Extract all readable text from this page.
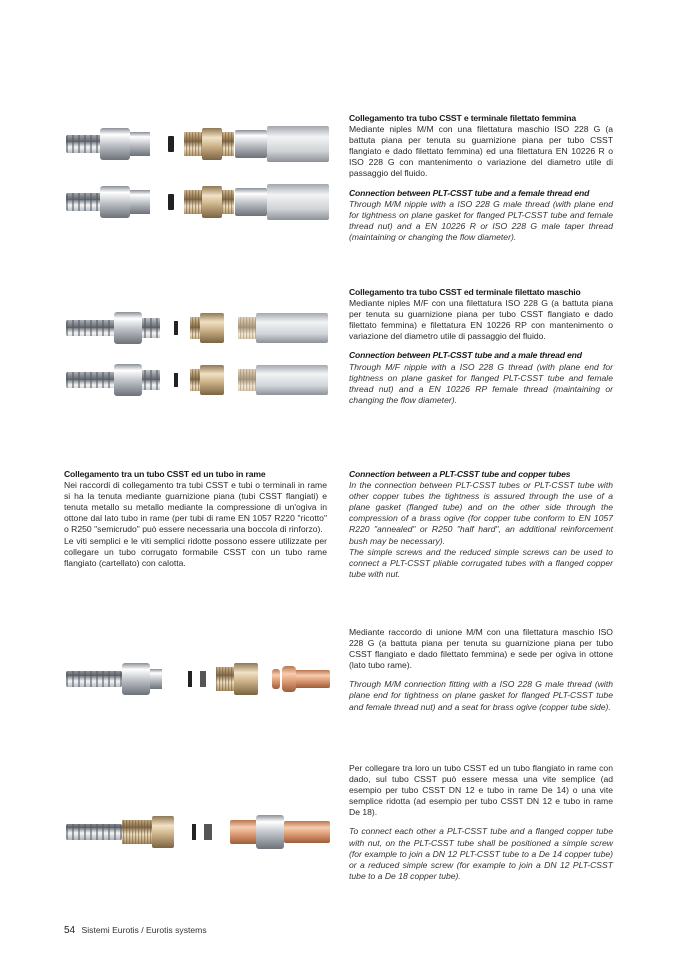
Collegamento tra tubo CSST e terminale filettato femmina

Mediante niples M/M con una filettatura maschio ISO 228 G (a battuta piana per tenuta su guarnizione piana per tubo CSST flangiato e dado filettato femmina) ed una filettatura EN 10226 R o ISO 228 G con mantenimento o variazione del diametro utile di passaggio del fluido.

Connection between PLT-CSST tube and a female thread end

Through M/M nipple with a ISO 228 G male thread (with plane end for tightness on plane gasket for flanged PLT-CSST tube and female thread nut) and a EN 10226 R or ISO 228 G male taper thread (maintaining or changing the flow diameter).

Collegamento tra tubo CSST ed terminale filettato maschio

Mediante niples M/F con una filettatura ISO 228 G (a battuta piana per tenuta su guarnizione piana per tubo CSST flangiato e dado filettato femmina) e filettatura EN 10226 RP con mantenimento o variazione del diametro utile di passaggio del fluido.

Connection between PLT-CSST tube and a male thread end

Through M/F nipple with a ISO 228 G thread (with plane end for tightness on plane gasket for flanged PLT-CSST tube and female thread nut) and a EN 10226 RP female thread (maintaining or changing the flow diameter).

Collegamento tra un tubo CSST ed un tubo in rame

Nei raccordi di collegamento tra tubi CSST e tubi o terminali in rame si ha la tenuta mediante guarnizione piana (tubi CSST flangiati) e tenuta metallo su metallo mediante la compressione di un'ogiva in ottone dal lato tubo in rame (per tubi di rame EN 1057 R220 "ricotto" o R250 "semicrudo" può essere necessaria una boccola di rinforzo).

Le viti semplici e le viti semplici ridotte possono essere utilizzate per collegare un tubo corrugato formabile CSST con un tubo rame flangiato (cartellato) con calotta.

Connection between a PLT-CSST tube and copper tubes

In the connection between PLT-CSST tubes or PLT-CSST tube with other copper tubes the tightness is assured through the use of a plane gasket (flanged tube) and on the other side through the compression of a brass ogive (for copper tube conform to EN 1057 R220 "annealed" or R250 "half hard", an additional reinforcement bush may be necessary).

The simple screws and the reduced simple screws can be used to connect a PLT-CSST pliable corrugated tubes with a flanged copper tube with nut.

Mediante raccordo di unione M/M con una filettatura maschio ISO 228 G (a battuta piana per tenuta su guarnizione piana per tubo CSST flangiato e dado filettato femmina) e sede per ogiva in ottone (lato tubo rame).

Through M/M connection fitting with a ISO 228 G male thread (with plane end for tightness on plane gasket for flanged PLT-CSST tube and female thread nut) and a seat for brass ogive (copper tube side).

Per collegare tra loro un tubo CSST ed un tubo flangiato in rame con dado, sul tubo CSST può essere messa una vite semplice (ad esempio per tubo CSST DN 12 e tubo in rame De 14) o una vite semplice ridotta (ad esempio per tubo CSST DN 12 e tubo in rame De 18).

To connect each other a PLT-CSST tube and a flanged copper tube with nut, on the PLT-CSST tube shall be positioned a simple screw (for example to join a DN 12 PLT-CSST tube to a De 14 copper tube) or a reduced simple screw (for example to join a DN 12 PLT-CSST tube to a De 18 copper tube).

54 Sistemi Eurotis / Eurotis systems
